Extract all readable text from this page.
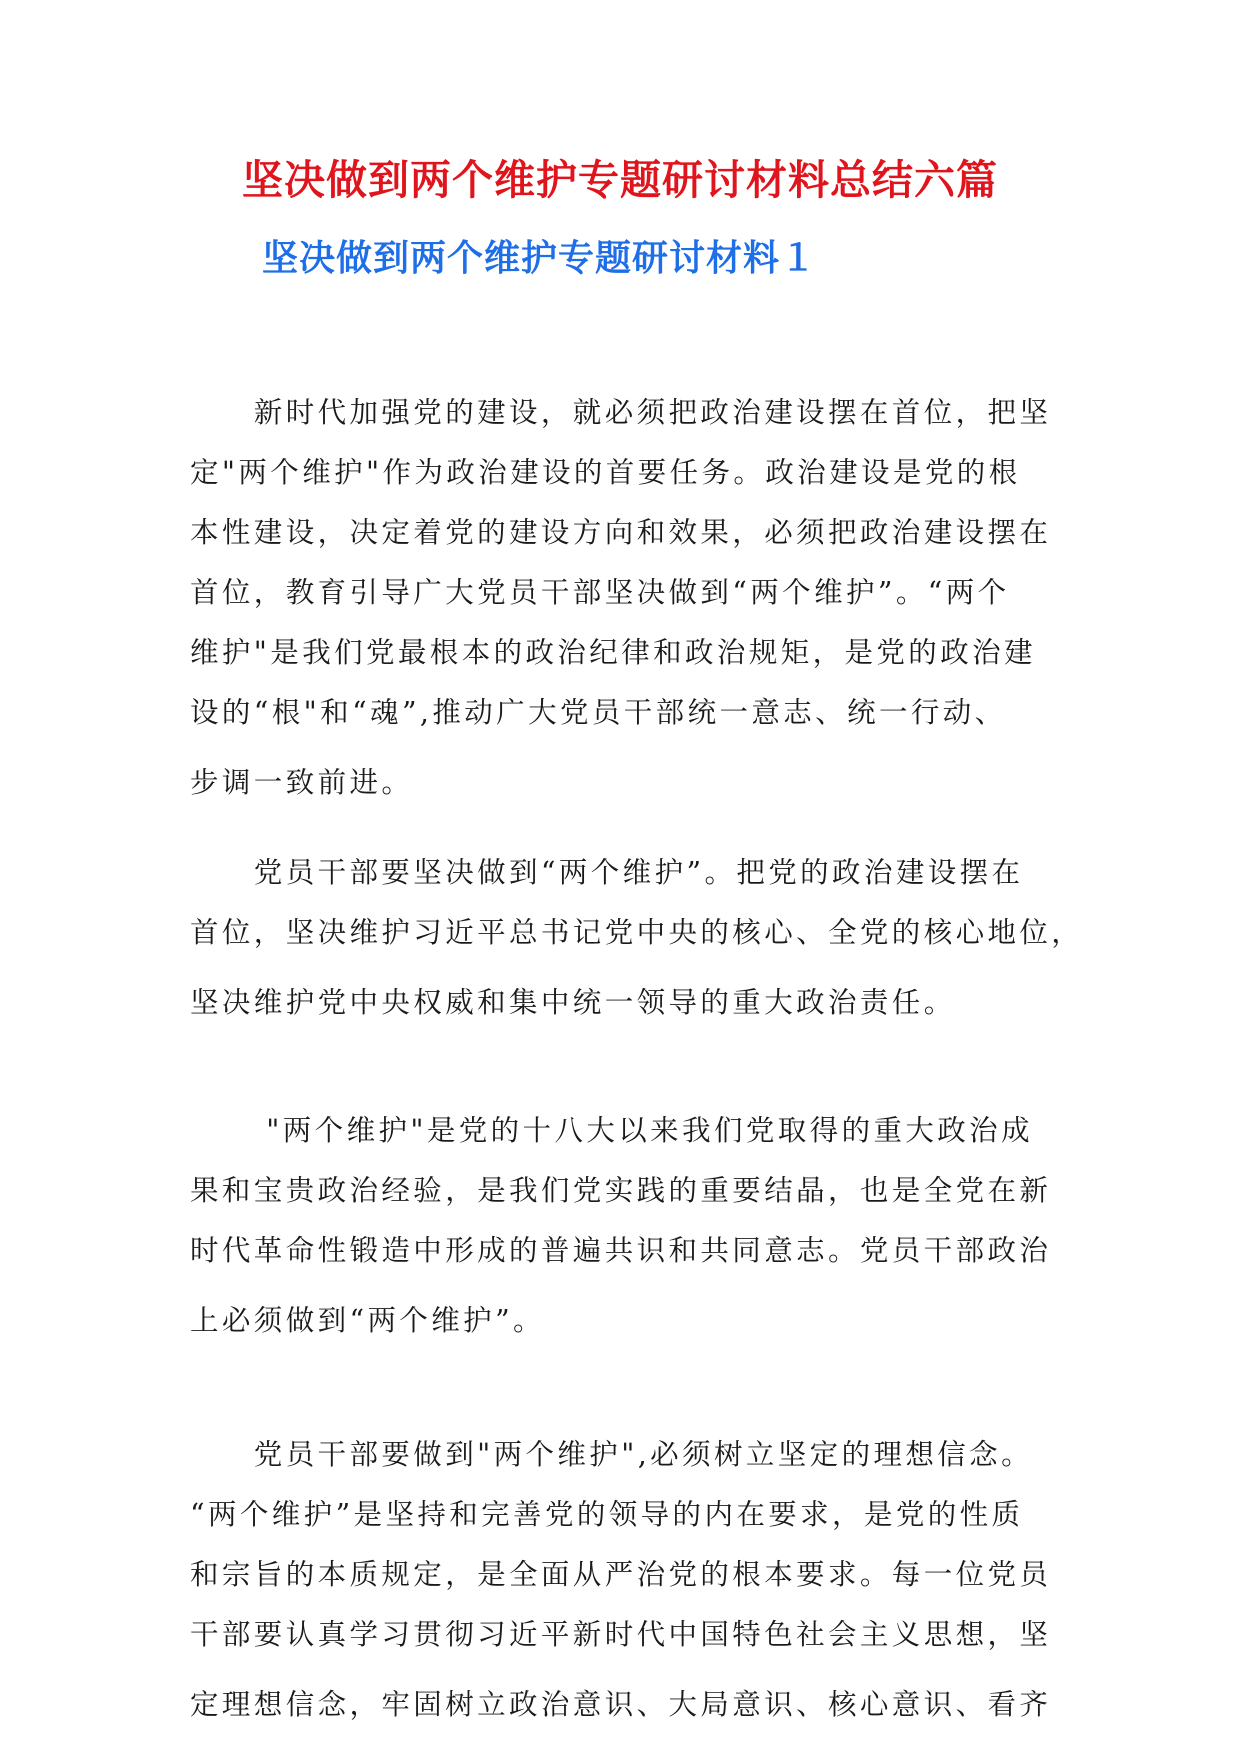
坚决做到两个维护专题研讨材料总结六篇
坚决做到两个维护专题研讨材料１

　　新时代加强党的建设，就必须把政治建设摆在首位，把坚
定"两个维护"作为政治建设的首要任务。政治建设是党的根
本性建设，决定着党的建设方向和效果，必须把政治建设摆在
首位，教育引导广大党员干部坚决做到“两个维护”。“两个
维护"是我们党最根本的政治纪律和政治规矩，是党的政治建
设的“根"和“魂”,推动广大党员干部统一意志、统一行动、
步调一致前进。

　　党员干部要坚决做到“两个维护”。把党的政治建设摆在
首位，坚决维护习近平总书记党中央的核心、全党的核心地位，
坚决维护党中央权威和集中统一领导的重大政治责任。

　　 "两个维护"是党的十八大以来我们党取得的重大政治成
果和宝贵政治经验，是我们党实践的重要结晶，也是全党在新
时代革命性锻造中形成的普遍共识和共同意志。党员干部政治
上必须做到“两个维护”。

　　党员干部要做到"两个维护",必须树立坚定的理想信念。
“两个维护”是坚持和完善党的领导的内在要求，是党的性质
和宗旨的本质规定，是全面从严治党的根本要求。每一位党员
干部要认真学习贯彻习近平新时代中国特色社会主义思想，坚
定理想信念，牢固树立政治意识、大局意识、核心意识、看齐
